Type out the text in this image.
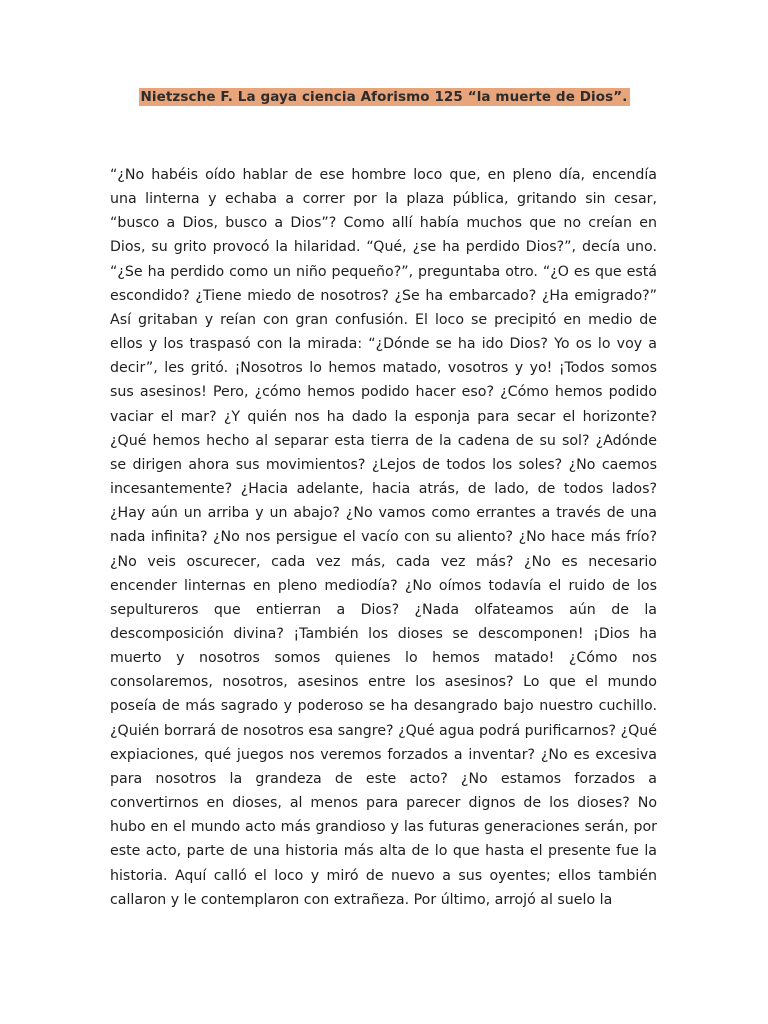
Nietzsche F. La gaya ciencia Aforismo 125 “la muerte de Dios”.

“¿No habéis oído hablar de ese hombre loco que, en pleno día, encendía una linterna y echaba a correr por la plaza pública, gritando sin cesar, “busco a Dios, busco a Dios”? Como allí había muchos que no creían en Dios, su grito provocó la hilaridad. “Qué, ¿se ha perdido Dios?”, decía uno. “¿Se ha perdido como un niño pequeño?”, preguntaba otro. “¿O es que está escondido? ¿Tiene miedo de nosotros? ¿Se ha embarcado? ¿Ha emigrado?” Así gritaban y reían con gran confusión. El loco se precipitó en medio de ellos y los traspasó con la mirada: “¿Dónde se ha ido Dios? Yo os lo voy a decir”, les gritó. ¡Nosotros lo hemos matado, vosotros y yo! ¡Todos somos sus asesinos! Pero, ¿cómo hemos podido hacer eso? ¿Cómo hemos podido vaciar el mar? ¿Y quién nos ha dado la esponja para secar el horizonte? ¿Qué hemos hecho al separar esta tierra de la cadena de su sol? ¿Adónde se dirigen ahora sus movimientos? ¿Lejos de todos los soles? ¿No caemos incesantemente? ¿Hacia adelante, hacia atrás, de lado, de todos lados? ¿Hay aún un arriba y un abajo? ¿No vamos como errantes a través de una nada infinita? ¿No nos persigue el vacío con su aliento? ¿No hace más frío? ¿No veis oscurecer, cada vez más, cada vez más? ¿No es necesario encender linternas en pleno mediodía? ¿No oímos todavía el ruido de los sepultureros que entierran a Dios? ¿Nada olfateamos aún de la descomposición divina? ¡También los dioses se descomponen! ¡Dios ha muerto y nosotros somos quienes lo hemos matado! ¿Cómo nos consolaremos, nosotros, asesinos entre los asesinos? Lo que el mundo poseía de más sagrado y poderoso se ha desangrado bajo nuestro cuchillo. ¿Quién borrará de nosotros esa sangre? ¿Qué agua podrá purificarnos? ¿Qué expiaciones, qué juegos nos veremos forzados a inventar? ¿No es excesiva para nosotros la grandeza de este acto? ¿No estamos forzados a convertirnos en dioses, al menos para parecer dignos de los dioses? No hubo en el mundo acto más grandioso y las futuras generaciones serán, por este acto, parte de una historia más alta de lo que hasta el presente fue la historia. Aquí calló el loco y miró de nuevo a sus oyentes; ellos también callaron y le contemplaron con extrañeza. Por último, arrojó al suelo la
